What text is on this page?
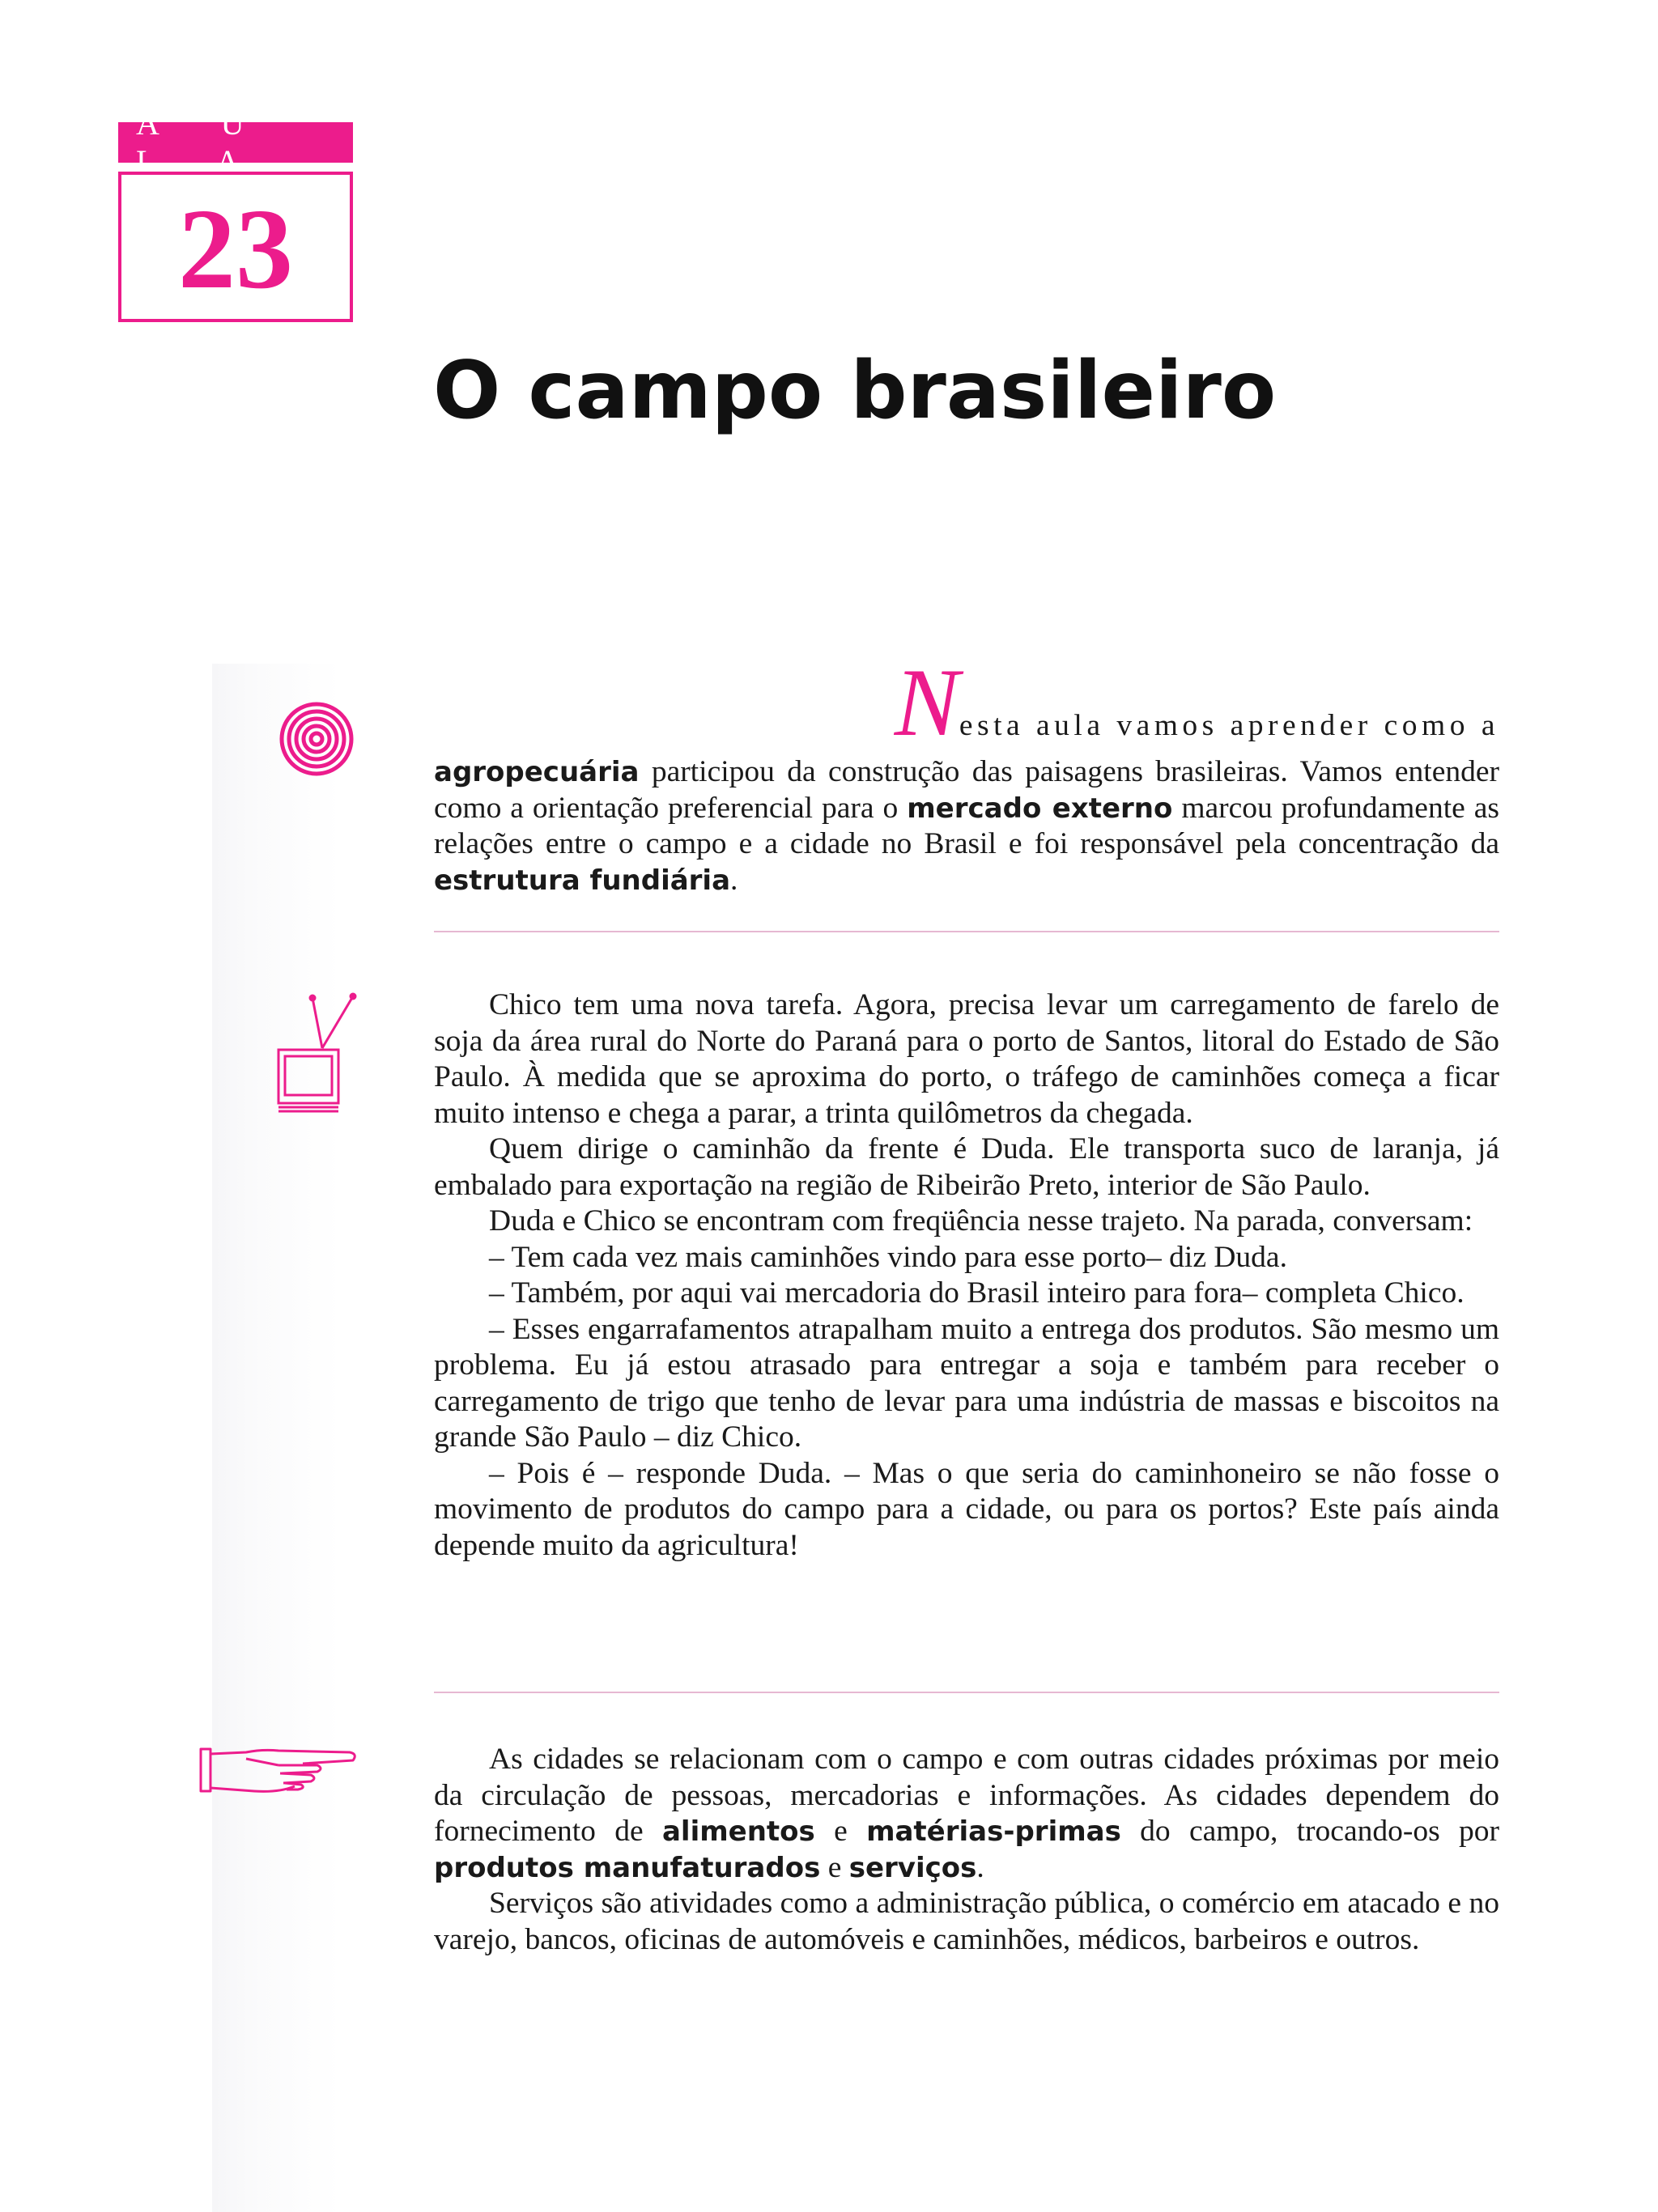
A U L A
23
O campo brasileiro
Nesta aula vamos aprender como a

agropecuária participou da construção das paisagens brasileiras. Vamos entender como a orientação preferencial para o mercado externo marcou profundamente as relações entre o campo e a cidade no Brasil e foi responsável pela concentração da estrutura fundiária.

Chico tem uma nova tarefa. Agora, precisa levar um carregamento de farelo de soja da área rural do Norte do Paraná para o porto de Santos, litoral do Estado de São Paulo. À medida que se aproxima do porto, o tráfego de caminhões começa a ficar muito intenso e chega a parar, a trinta quilômetros da chegada.

Quem dirige o caminhão da frente é Duda. Ele transporta suco de laranja, já embalado para exportação na região de Ribeirão Preto, interior de São Paulo.

Duda e Chico se encontram com freqüência nesse trajeto. Na parada, conversam:

– Tem cada vez mais caminhões vindo para esse porto– diz Duda.

– Também, por aqui vai mercadoria do Brasil inteiro para fora– completa Chico.

– Esses engarrafamentos atrapalham muito a entrega dos produtos. São mesmo um problema. Eu já estou atrasado para entregar a soja e também para receber o carregamento de trigo que tenho de levar para uma indústria de massas e biscoitos na grande São Paulo – diz Chico.

– Pois é – responde Duda. – Mas o que seria do caminhoneiro se não fosse o movimento de produtos do campo para a cidade, ou para os portos? Este país ainda depende muito da agricultura!

As cidades se relacionam com o campo e com outras cidades próximas por meio da circulação de pessoas, mercadorias e informações. As cidades dependem do fornecimento de alimentos e matérias-primas do campo, trocando-os por produtos manufaturados e serviços.

Serviços são atividades como a administração pública, o comércio em atacado e no varejo, bancos, oficinas de automóveis e caminhões, médicos, barbeiros e outros.
